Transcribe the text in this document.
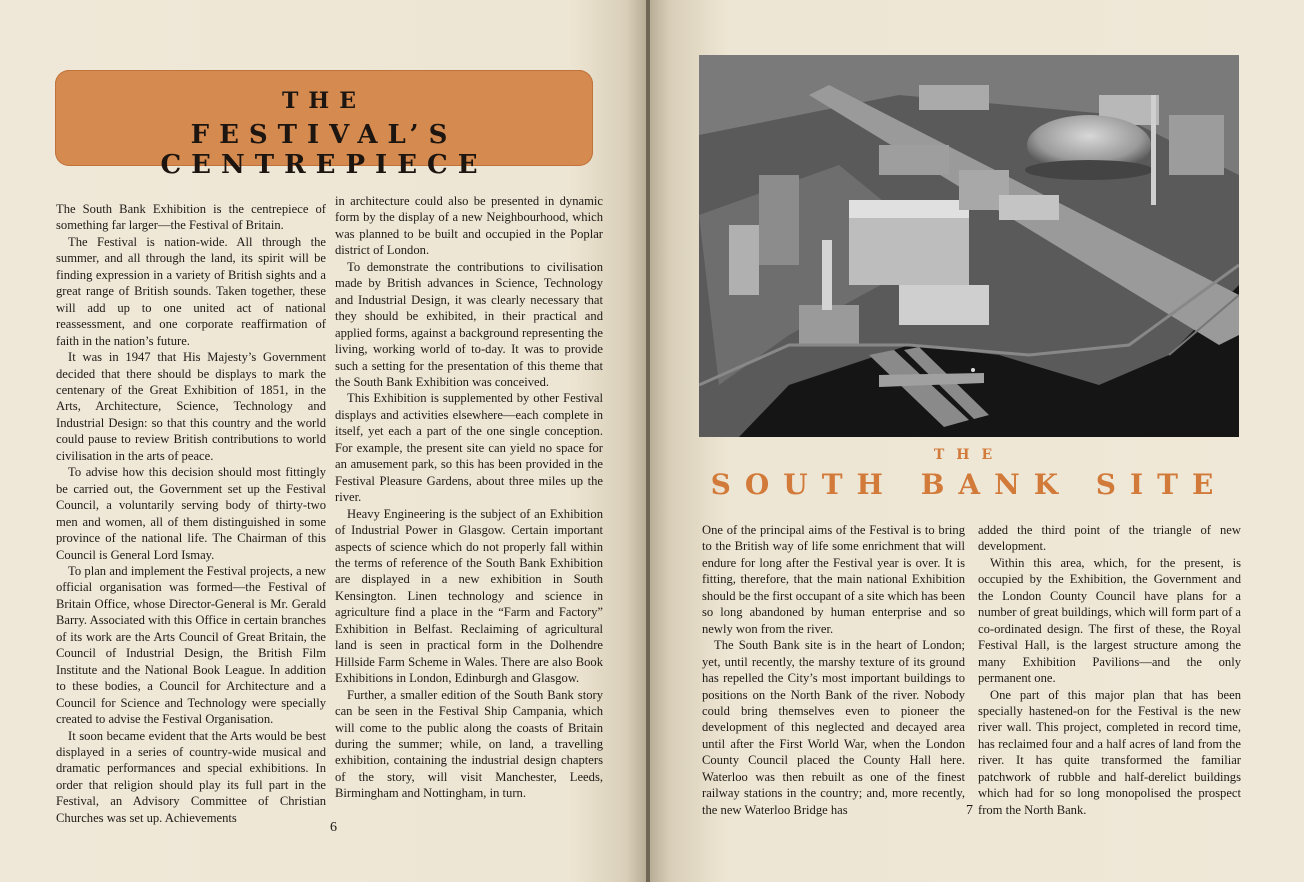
THE
FESTIVAL’S CENTREPIECE

The South Bank Exhibition is the centrepiece of something far larger—the Festival of Britain.

The Festival is nation-wide. All through the summer, and all through the land, its spirit will be finding expression in a variety of British sights and a great range of British sounds. Taken together, these will add up to one united act of national reassessment, and one corporate reaffirmation of faith in the nation’s future.

It was in 1947 that His Majesty’s Government decided that there should be displays to mark the centenary of the Great Exhibition of 1851, in the Arts, Architecture, Science, Technology and Industrial Design: so that this country and the world could pause to review British contributions to world civilisation in the arts of peace.

To advise how this decision should most fittingly be carried out, the Government set up the Festival Council, a voluntarily serving body of thirty-two men and women, all of them distinguished in some province of the national life. The Chairman of this Council is General Lord Ismay.

To plan and implement the Festival projects, a new official organisation was formed—the Festival of Britain Office, whose Director-General is Mr. Gerald Barry. Associated with this Office in certain branches of its work are the Arts Council of Great Britain, the Council of Industrial Design, the British Film Institute and the National Book League. In addition to these bodies, a Council for Architecture and a Council for Science and Technology were specially created to advise the Festival Organisation.

It soon became evident that the Arts would be best displayed in a series of country-wide musical and dramatic performances and special exhibitions. In order that religion should play its full part in the Festival, an Advisory Committee of Christian Churches was set up. Achievements

in architecture could also be presented in dynamic form by the display of a new Neighbourhood, which was planned to be built and occupied in the Poplar district of London.

To demonstrate the contributions to civilisation made by British advances in Science, Technology and Industrial Design, it was clearly necessary that they should be exhibited, in their practical and applied forms, against a background representing the living, working world of to-day. It was to provide such a setting for the presentation of this theme that the South Bank Exhibition was conceived.

This Exhibition is supplemented by other Festival displays and activities elsewhere—each complete in itself, yet each a part of the one single conception. For example, the present site can yield no space for an amusement park, so this has been provided in the Festival Pleasure Gardens, about three miles up the river.

Heavy Engineering is the subject of an Exhibition of Industrial Power in Glasgow. Certain important aspects of science which do not properly fall within the terms of reference of the South Bank Exhibition are displayed in a new exhibition in South Kensington. Linen technology and science in agriculture find a place in the “Farm and Factory” Exhibition in Belfast. Reclaiming of agricultural land is seen in practical form in the Dolhendre Hillside Farm Scheme in Wales. There are also Book Exhibitions in London, Edinburgh and Glasgow.

Further, a smaller edition of the South Bank story can be seen in the Festival Ship Campania, which will come to the public along the coasts of Britain during the summer; while, on land, a travelling exhibition, containing the industrial design chapters of the story, will visit Manchester, Leeds, Birmingham and Nottingham, in turn.

6
THE
SOUTH BANK SITE

One of the principal aims of the Festival is to bring to the British way of life some enrichment that will endure for long after the Festival year is over. It is fitting, therefore, that the main national Exhibition should be the first occupant of a site which has been so long abandoned by human enterprise and so newly won from the river.

The South Bank site is in the heart of London; yet, until recently, the marshy texture of its ground has repelled the City’s most important buildings to positions on the North Bank of the river. Nobody could bring themselves even to pioneer the development of this neglected and decayed area until after the First World War, when the London County Council placed the County Hall here. Waterloo was then rebuilt as one of the finest railway stations in the country; and, more recently, the new Waterloo Bridge has

added the third point of the triangle of new development.

Within this area, which, for the present, is occupied by the Exhibition, the Government and the London County Council have plans for a number of great buildings, which will form part of a co-ordinated design. The first of these, the Royal Festival Hall, is the largest structure among the many Exhibition Pavilions—and the only permanent one.

One part of this major plan that has been specially hastened-on for the Festival is the new river wall. This project, completed in record time, has reclaimed four and a half acres of land from the river. It has quite transformed the familiar patchwork of rubble and half-derelict buildings which had for so long monopolised the prospect from the North Bank.

7
